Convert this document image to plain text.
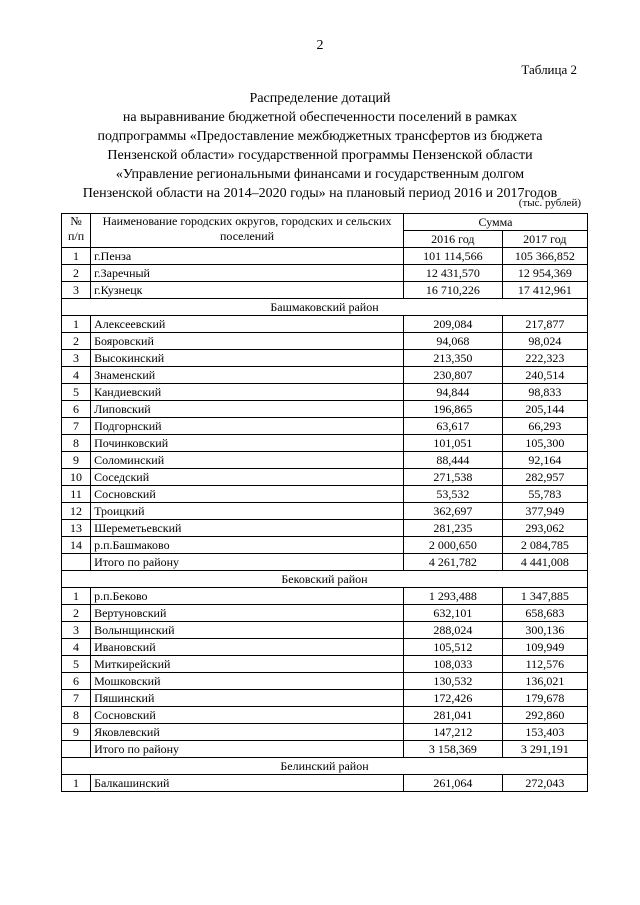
2
Таблица 2
Распределение дотаций
на выравнивание бюджетной обеспеченности поселений в рамках
подпрограммы «Предоставление межбюджетных трансфертов из бюджета
Пензенской области» государственной программы Пензенской области
«Управление региональными финансами и государственным долгом
Пензенской области на 2014–2020 годы» на плановый период 2016 и 2017годов
(тыс. рублей)
№ п/п	Наименование городских округов, городских и сельских поселений	Сумма	
		2016 год	2017 год
1	г.Пенза	101 114,566	105 366,852
2	г.Заречный	12 431,570	12 954,369
3	г.Кузнецк	16 710,226	17 412,961
Башмаковский район			
1	Алексеевский	209,084	217,877
2	Бояровский	94,068	98,024
3	Высокинский	213,350	222,323
4	Знаменский	230,807	240,514
5	Кандиевский	94,844	98,833
6	Липовский	196,865	205,144
7	Подгорнский	63,617	66,293
8	Починковский	101,051	105,300
9	Соломинский	88,444	92,164
10	Соседский	271,538	282,957
11	Сосновский	53,532	55,783
12	Троицкий	362,697	377,949
13	Шереметьевский	281,235	293,062
14	р.п.Башмаково	2 000,650	2 084,785
	Итого по району	4 261,782	4 441,008
Бековский район			
1	р.п.Беково	1 293,488	1 347,885
2	Вертуновский	632,101	658,683
3	Волынщинский	288,024	300,136
4	Ивановский	105,512	109,949
5	Миткирейский	108,033	112,576
6	Мошковский	130,532	136,021
7	Пяшинский	172,426	179,678
8	Сосновский	281,041	292,860
9	Яковлевский	147,212	153,403
	Итого по району	3 158,369	3 291,191
Белинский район			
1	Балкашинский	261,064	272,043
